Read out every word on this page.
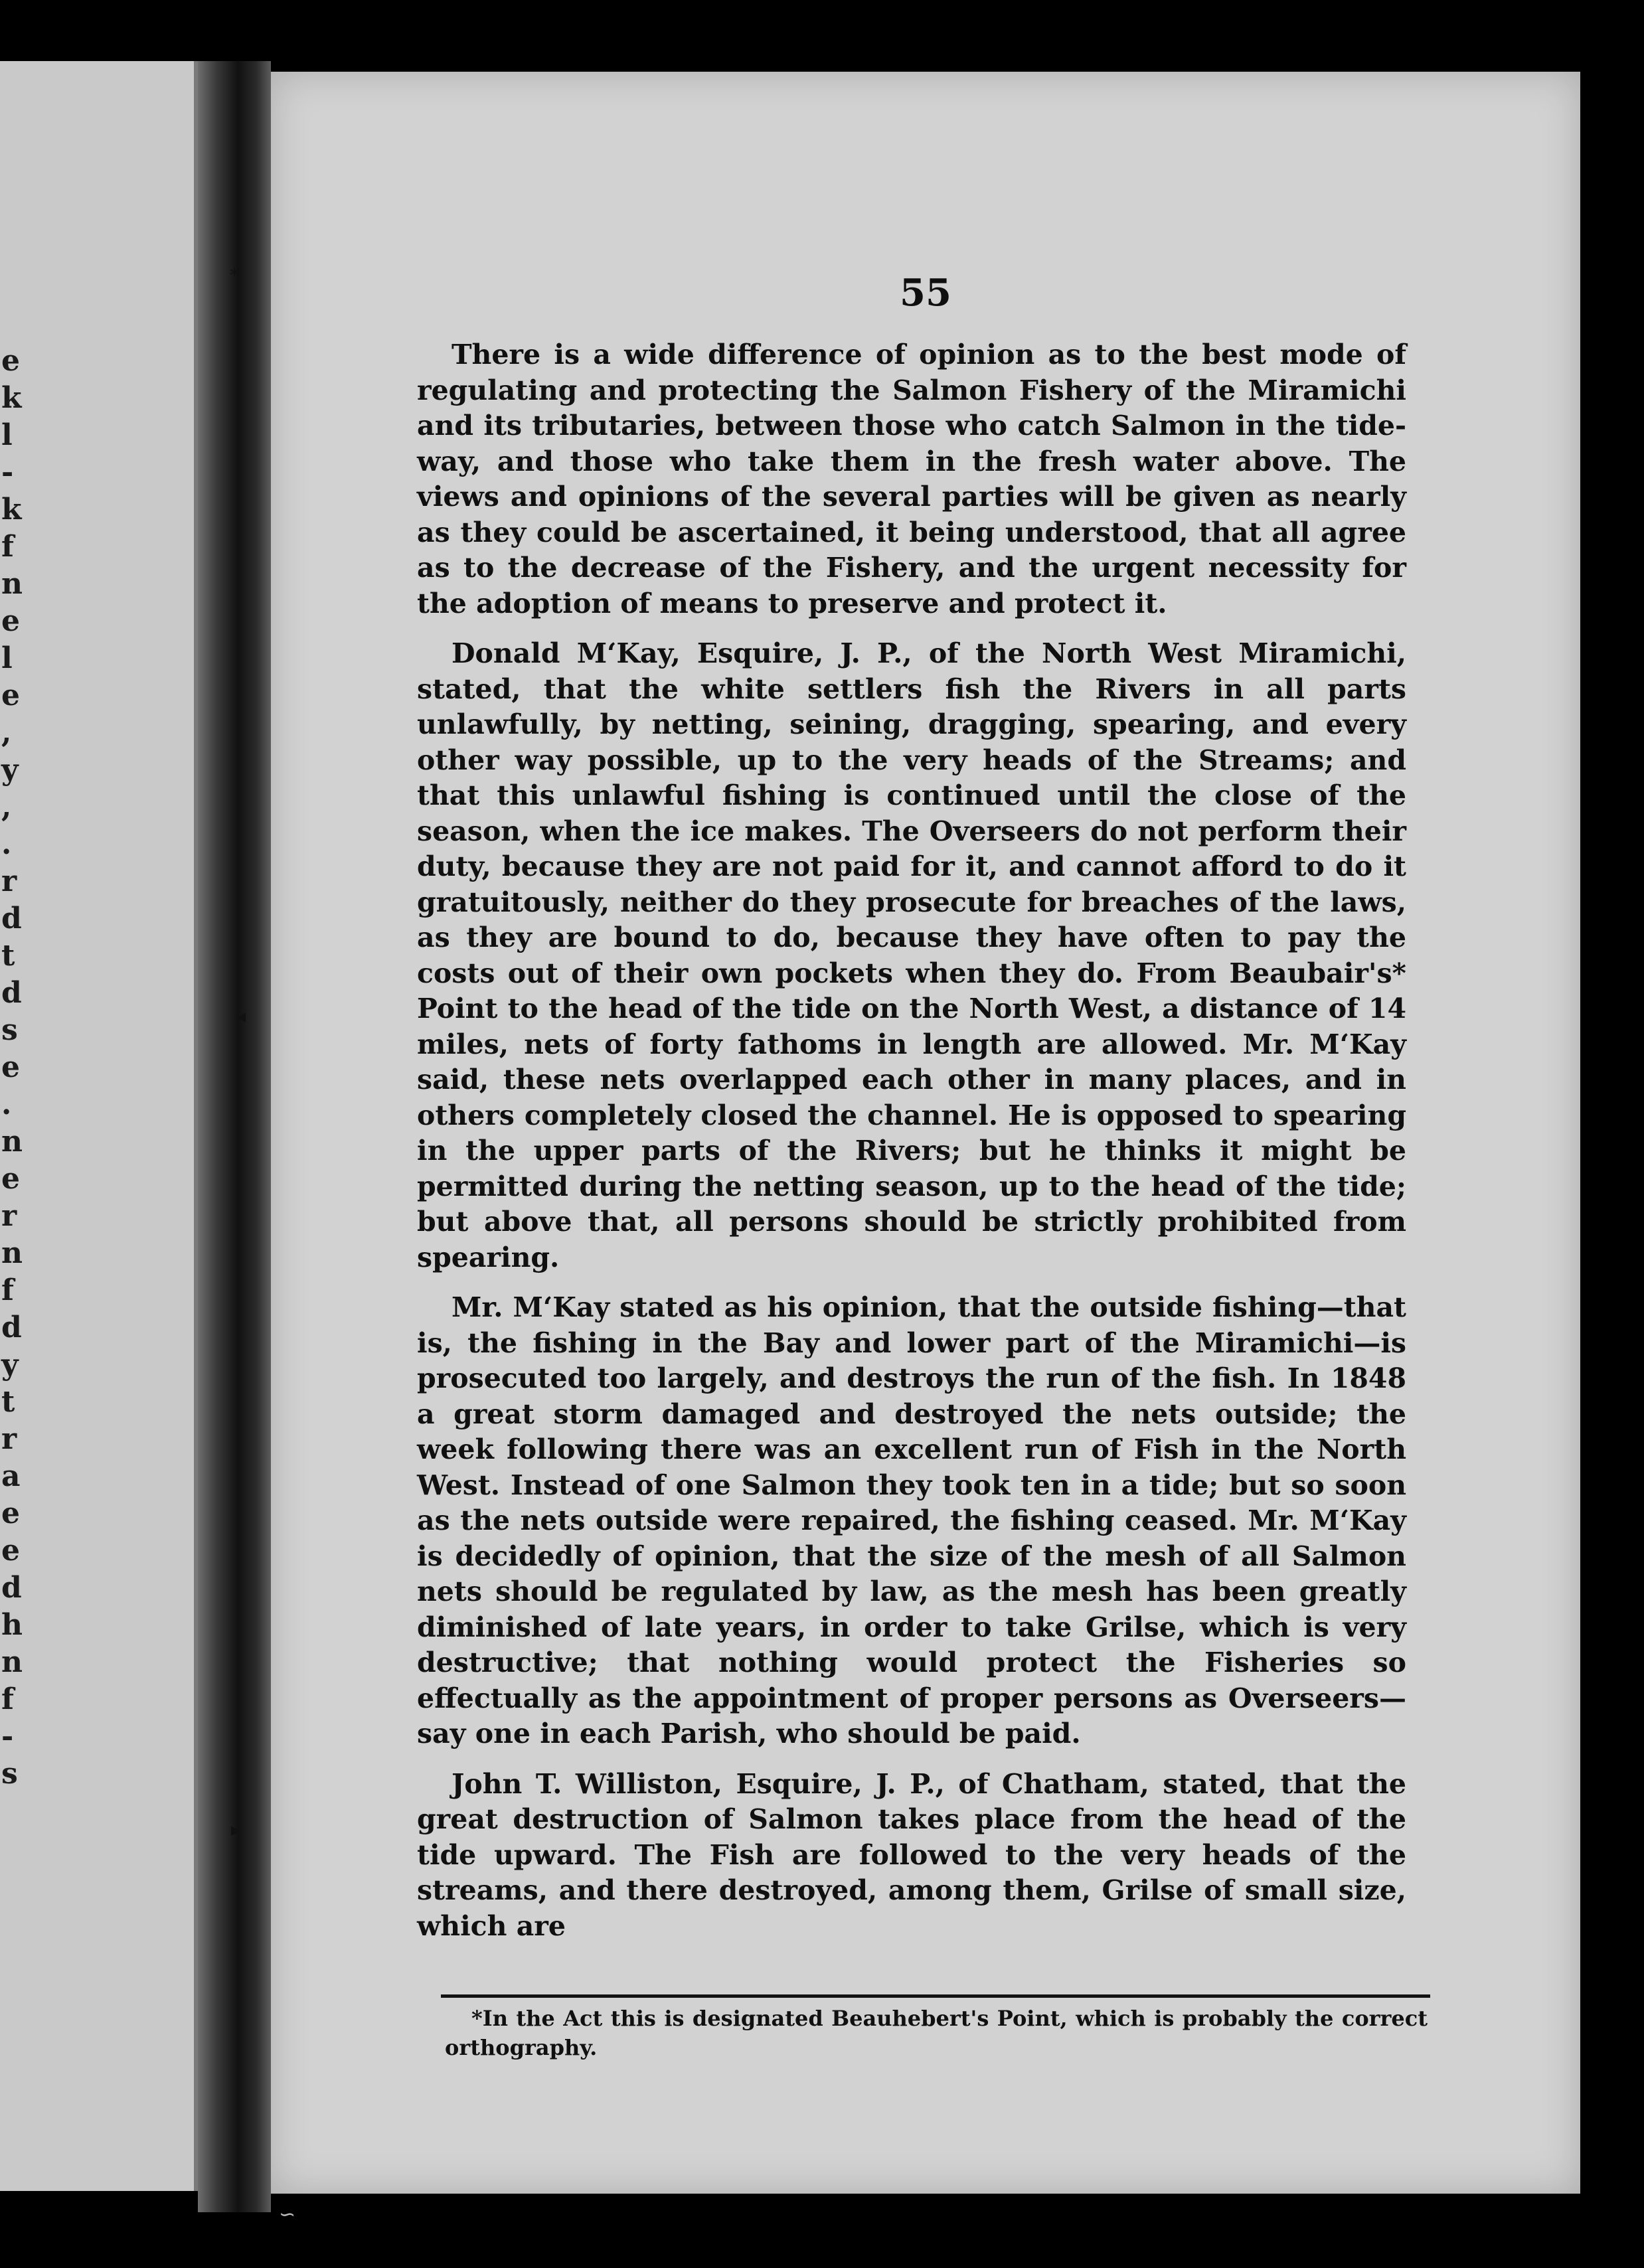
e
k
l
-
k
f
n
e
l
e
,
y
,
.
r
d
t
d
s
e
.
n
e
r
n
f
d
y
t
r
a
e
e
d
h
n
f
-
s
⁎
◂
▸
55

There is a wide difference of opinion as to the best mode of regulating and protecting the Salmon Fishery of the Miramichi and its tributaries, between those who catch Salmon in the tide-way, and those who take them in the fresh water above. The views and opinions of the several parties will be given as nearly as they could be ascertained, it being understood, that all agree as to the decrease of the Fishery, and the urgent necessity for the adoption of means to preserve and protect it.

Donald M‘Kay, Esquire, J. P., of the North West Miramichi, stated, that the white settlers fish the Rivers in all parts unlawfully, by netting, seining, dragging, spearing, and every other way possible, up to the very heads of the Streams; and that this unlawful fishing is continued until the close of the season, when the ice makes. The Overseers do not perform their duty, because they are not paid for it, and cannot afford to do it gratuitously, neither do they prosecute for breaches of the laws, as they are bound to do, because they have often to pay the costs out of their own pockets when they do. From Beaubair's* Point to the head of the tide on the North West, a distance of 14 miles, nets of forty fathoms in length are allowed. Mr. M‘Kay said, these nets overlapped each other in many places, and in others completely closed the channel. He is opposed to spearing in the upper parts of the Rivers; but he thinks it might be permitted during the netting season, up to the head of the tide; but above that, all persons should be strictly prohibited from spearing.

Mr. M‘Kay stated as his opinion, that the outside fishing—that is, the fishing in the Bay and lower part of the Miramichi—is prosecuted too largely, and destroys the run of the fish. In 1848 a great storm damaged and destroyed the nets outside; the week following there was an excellent run of Fish in the North West. Instead of one Salmon they took ten in a tide; but so soon as the nets outside were repaired, the fishing ceased. Mr. M‘Kay is decidedly of opinion, that the size of the mesh of all Salmon nets should be regulated by law, as the mesh has been greatly diminished of late years, in order to take Grilse, which is very destructive; that nothing would protect the Fisheries so effectually as the appointment of proper persons as Overseers—say one in each Parish, who should be paid.

John T. Williston, Esquire, J. P., of Chatham, stated, that the great destruction of Salmon takes place from the head of the tide upward. The Fish are followed to the very heads of the streams, and there destroyed, among them, Grilse of small size, which are

*In the Act this is designated Beauhebert's Point, which is probably the correct orthography.
∽
